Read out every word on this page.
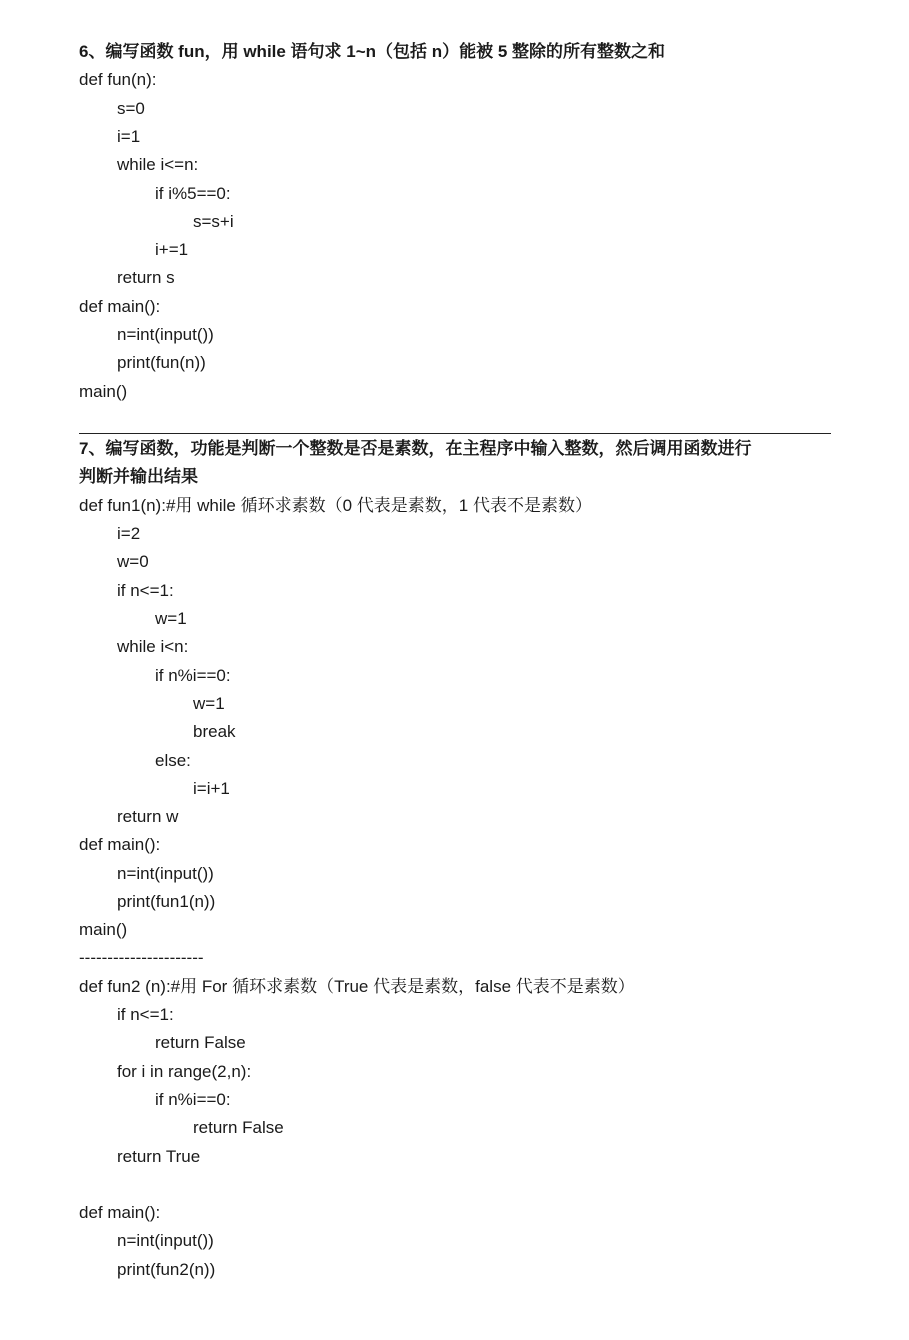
6、编写函数 fun，用 while 语句求 1~n（包括 n）能被 5 整除的所有整数之和
def fun(n):
s=0
i=1
while i<=n:
if i%5==0:
s=s+i
i+=1
return s
def main():
n=int(input())
print(fun(n))
main()
7、编写函数，功能是判断一个整数是否是素数，在主程序中输入整数，然后调用函数进行
判断并输出结果
def fun1(n):#用 while 循环求素数（0 代表是素数，1 代表不是素数）
i=2
w=0
if n<=1:
w=1
while i<n:
if n%i==0:
w=1
break
else:
i=i+1
return w
def main():
n=int(input())
print(fun1(n))
main()
----------------------
def fun2 (n):#用 For 循环求素数（True 代表是素数，false 代表不是素数）
if n<=1:
return False
for i in range(2,n):
if n%i==0:
return False
return True
def main():
n=int(input())
print(fun2(n))
